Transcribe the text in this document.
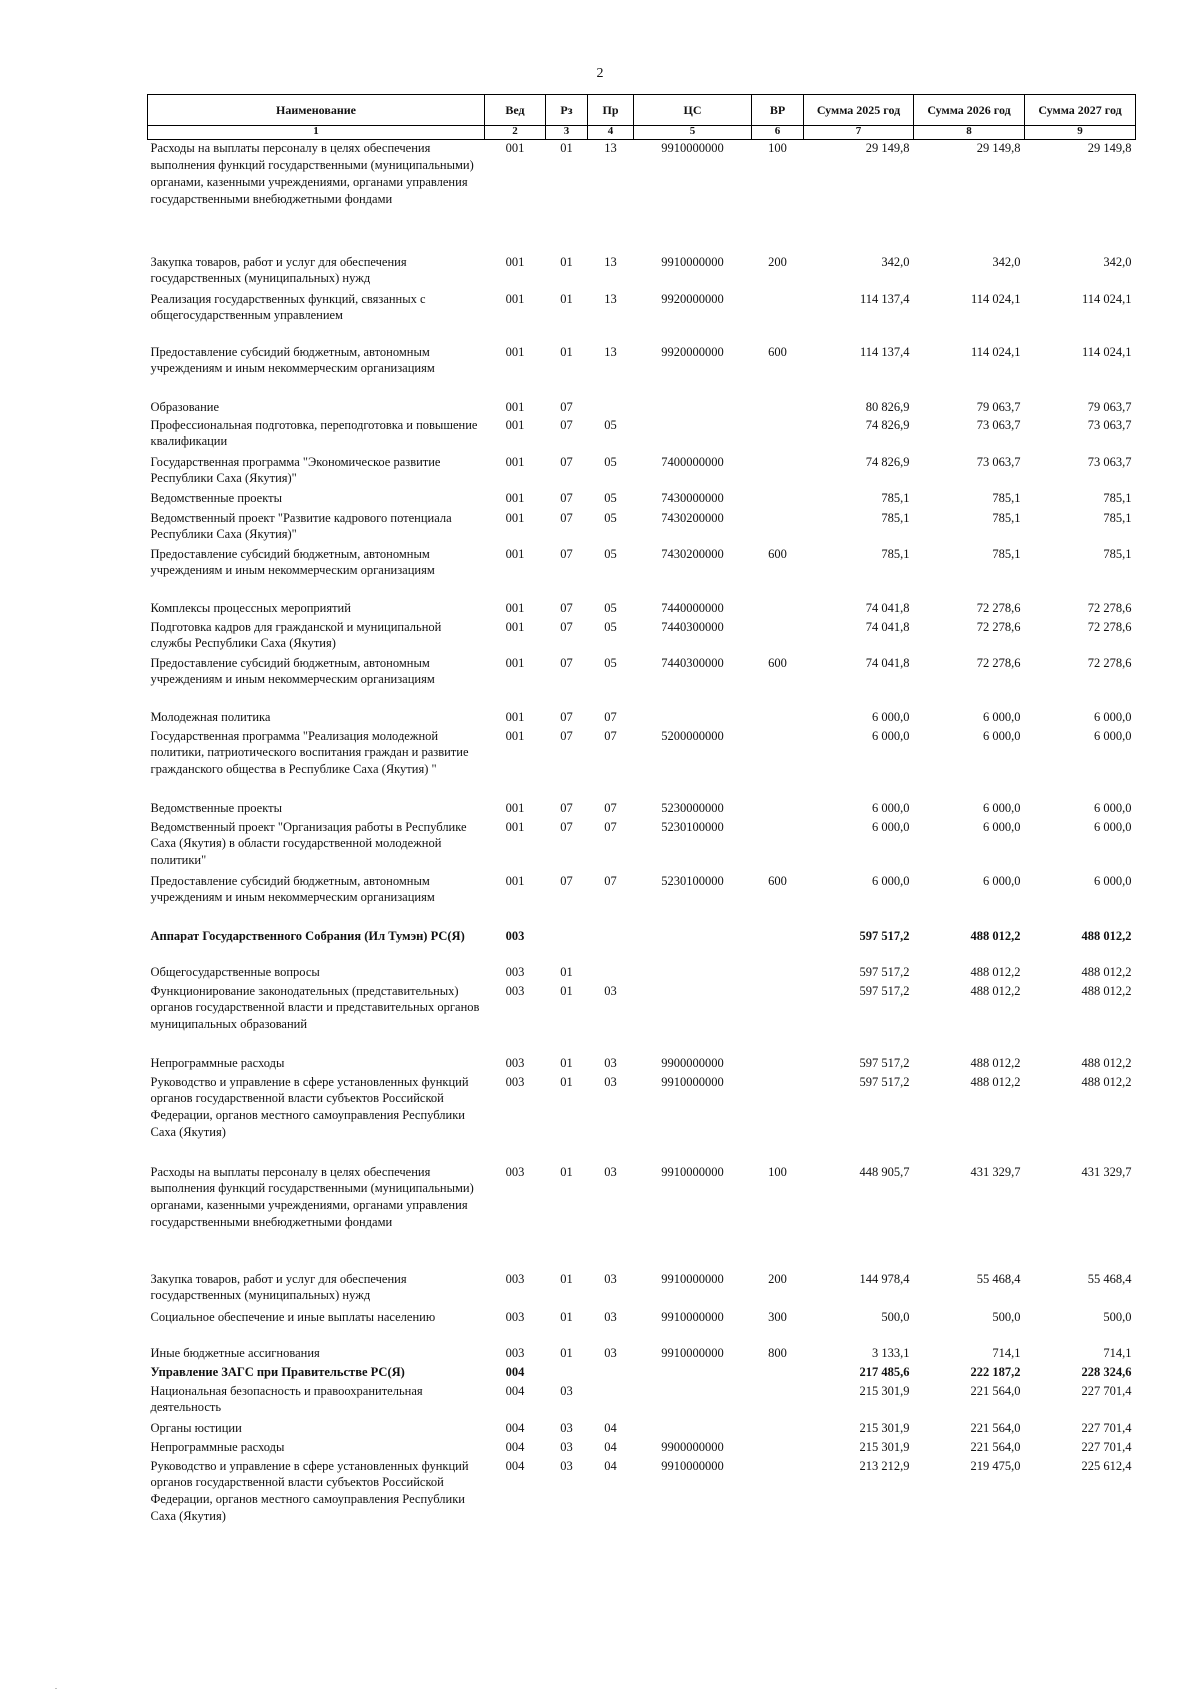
2
Наименование	Вед	Рз	Пр	ЦС	ВР	Сумма 2025 год	Сумма 2026 год	Сумма 2027 год
1	2	3	4	5	6	7	8	9
Расходы на выплаты персоналу в целях обеспечения выполнения функций государственными (муниципальными) органами, казенными учреждениями, органами управления государственными внебюджетными фондами	001	01	13	9910000000	100	29 149,8	29 149,8	29 149,8
Закупка товаров, работ и услуг для обеспечения государственных (муниципальных) нужд	001	01	13	9910000000	200	342,0	342,0	342,0
Реализация государственных функций, связанных с общегосударственным управлением	001	01	13	9920000000		114 137,4	114 024,1	114 024,1
Предоставление субсидий бюджетным, автономным учреждениям и иным некоммерческим организациям	001	01	13	9920000000	600	114 137,4	114 024,1	114 024,1
Образование	001	07				80 826,9	79 063,7	79 063,7
Профессиональная подготовка, переподготовка и повышение квалификации	001	07	05			74 826,9	73 063,7	73 063,7
Государственная программа "Экономическое развитие Республики Саха (Якутия)"	001	07	05	7400000000		74 826,9	73 063,7	73 063,7
Ведомственные проекты	001	07	05	7430000000		785,1	785,1	785,1
Ведомственный проект "Развитие кадрового потенциала Республики Саха (Якутия)"	001	07	05	7430200000		785,1	785,1	785,1
Предоставление субсидий бюджетным, автономным учреждениям и иным некоммерческим организациям	001	07	05	7430200000	600	785,1	785,1	785,1
Комплексы процессных мероприятий	001	07	05	7440000000		74 041,8	72 278,6	72 278,6
Подготовка кадров для гражданской и муниципальной службы Республики Саха (Якутия)	001	07	05	7440300000		74 041,8	72 278,6	72 278,6
Предоставление субсидий бюджетным, автономным учреждениям и иным некоммерческим организациям	001	07	05	7440300000	600	74 041,8	72 278,6	72 278,6
Молодежная политика	001	07	07			6 000,0	6 000,0	6 000,0
Государственная программа "Реализация молодежной политики, патриотического воспитания граждан и развитие гражданского общества в Республике Саха (Якутия) "	001	07	07	5200000000		6 000,0	6 000,0	6 000,0
Ведомственные проекты	001	07	07	5230000000		6 000,0	6 000,0	6 000,0
Ведомственный проект "Организация работы в Республике Саха (Якутия) в области государственной молодежной политики"	001	07	07	5230100000		6 000,0	6 000,0	6 000,0
Предоставление субсидий бюджетным, автономным учреждениям и иным некоммерческим организациям	001	07	07	5230100000	600	6 000,0	6 000,0	6 000,0
Аппарат Государственного Собрания (Ил Тумэн) РС(Я)	003					597 517,2	488 012,2	488 012,2
Общегосударственные вопросы	003	01				597 517,2	488 012,2	488 012,2
Функционирование законодательных (представительных) органов государственной власти и представительных органов муниципальных образований	003	01	03			597 517,2	488 012,2	488 012,2
Непрограммные расходы	003	01	03	9900000000		597 517,2	488 012,2	488 012,2
Руководство и управление в сфере установленных функций органов государственной власти субъектов Российской Федерации, органов местного самоуправления Республики Саха (Якутия)	003	01	03	9910000000		597 517,2	488 012,2	488 012,2
Расходы на выплаты персоналу в целях обеспечения выполнения функций государственными (муниципальными) органами, казенными учреждениями, органами управления государственными внебюджетными фондами	003	01	03	9910000000	100	448 905,7	431 329,7	431 329,7
Закупка товаров, работ и услуг для обеспечения государственных (муниципальных) нужд	003	01	03	9910000000	200	144 978,4	55 468,4	55 468,4
Социальное обеспечение и иные выплаты населению	003	01	03	9910000000	300	500,0	500,0	500,0
Иные бюджетные ассигнования	003	01	03	9910000000	800	3 133,1	714,1	714,1
Управление ЗАГС при Правительстве РС(Я)	004					217 485,6	222 187,2	228 324,6
Национальная безопасность и правоохранительная деятельность	004	03				215 301,9	221 564,0	227 701,4
Органы юстиции	004	03	04			215 301,9	221 564,0	227 701,4
Непрограммные расходы	004	03	04	9900000000		215 301,9	221 564,0	227 701,4
Руководство и управление в сфере установленных функций органов государственной власти субъектов Российской Федерации, органов местного самоуправления Республики Саха (Якутия)	004	03	04	9910000000		213 212,9	219 475,0	225 612,4
.
